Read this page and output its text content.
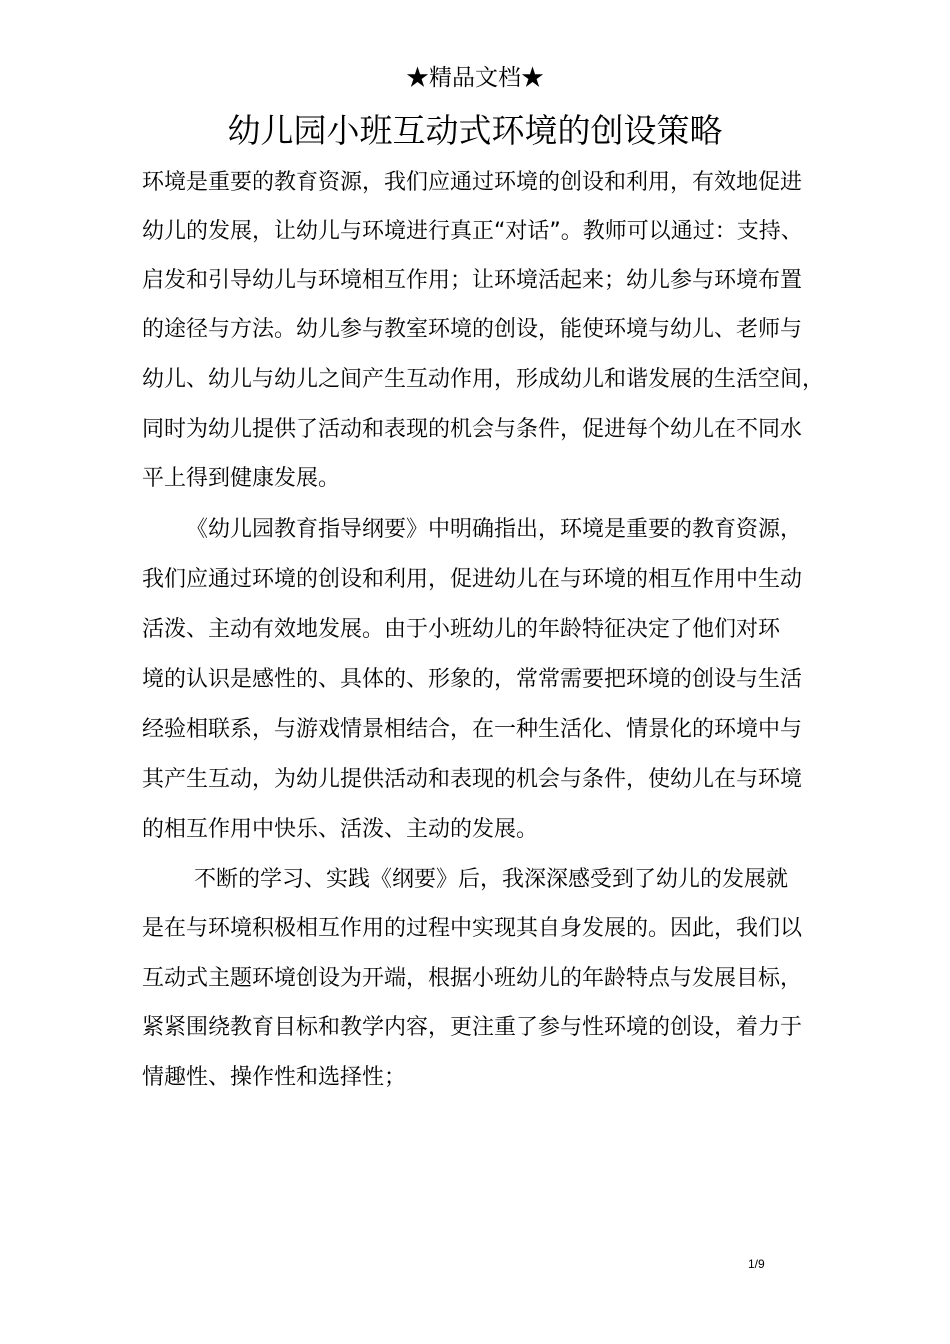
★精品文档★
幼儿园小班互动式环境的创设策略
环境是重要的教育资源，我们应通过环境的创设和利用，有效地促进
幼儿的发展，让幼儿与环境进行真正“对话”。教师可以通过：支持、
启发和引导幼儿与环境相互作用；让环境活起来；幼儿参与环境布置
的途径与方法。幼儿参与教室环境的创设，能使环境与幼儿、老师与
幼儿、幼儿与幼儿之间产生互动作用，形成幼儿和谐发展的生活空间，
同时为幼儿提供了活动和表现的机会与条件，促进每个幼儿在不同水
平上得到健康发展。
《幼儿园教育指导纲要》中明确指出，环境是重要的教育资源，
我们应通过环境的创设和利用，促进幼儿在与环境的相互作用中生动
活泼、主动有效地发展。由于小班幼儿的年龄特征决定了他们对环
境的认识是感性的、具体的、形象的，常常需要把环境的创设与生活
经验相联系，与游戏情景相结合，在一种生活化、情景化的环境中与
其产生互动，为幼儿提供活动和表现的机会与条件，使幼儿在与环境
的相互作用中快乐、活泼、主动的发展。
不断的学习、实践《纲要》后，我深深感受到了幼儿的发展就
是在与环境积极相互作用的过程中实现其自身发展的。因此，我们以
互动式主题环境创设为开端，根据小班幼儿的年龄特点与发展目标，
紧紧围绕教育目标和教学内容，更注重了参与性环境的创设，着力于
情趣性、操作性和选择性；
1/9
